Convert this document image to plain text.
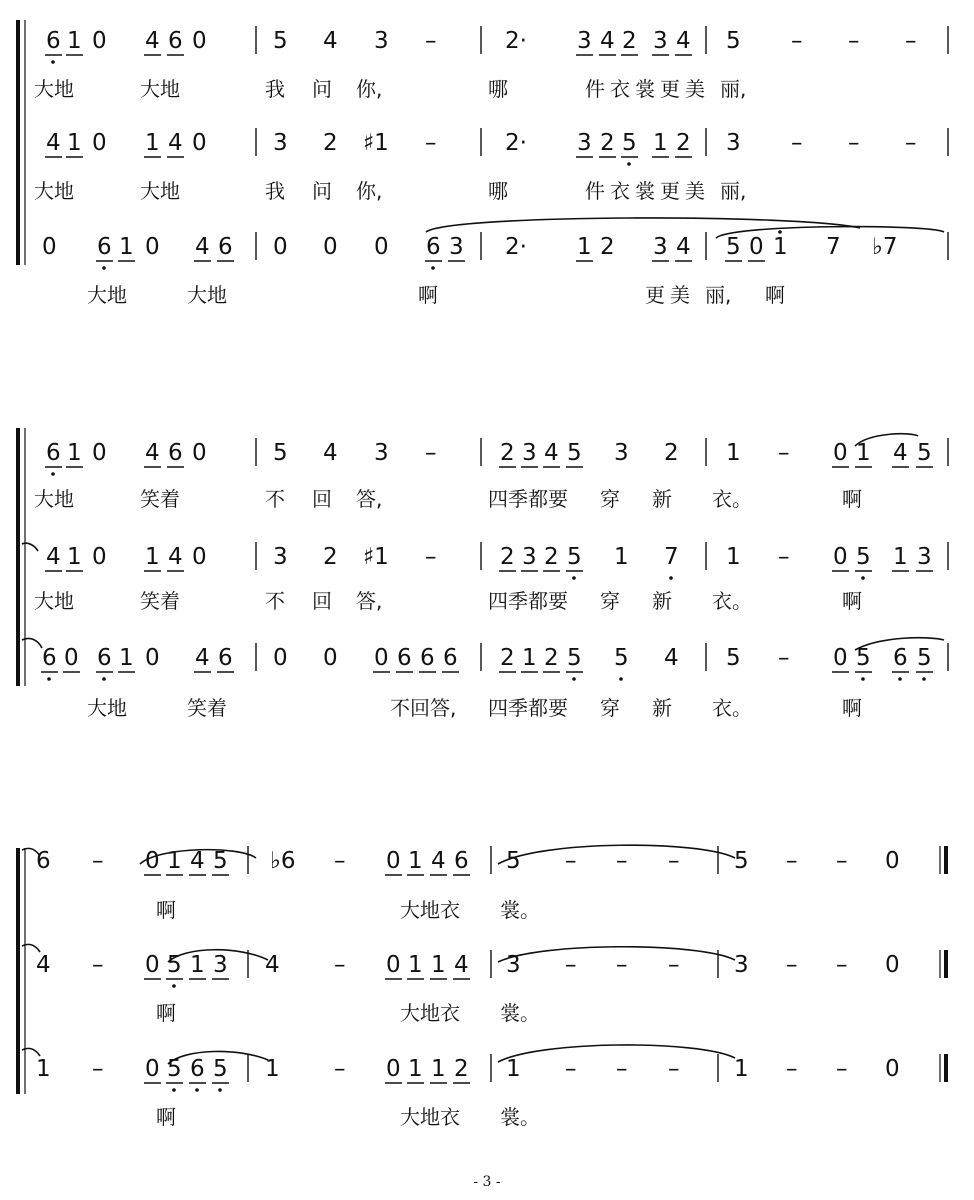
6 1 0 4 6 0	5 4 3 –	2· 3 4 2 3 4 5 – – –
大地	大地	我 问 你,	哪	件 衣 裳 更 美 丽,
4 1 0 1 4 0	3 2 ♯1 –	2· 3 2 5 1 2 3 – – –
大地	大地	我 问 你,	哪	件 衣 裳 更 美 丽,
0 6 1 0 4 6 0 0 0 6 3 2· 1 2 3 4 5 0 1 7 ♭7
大地	大地	啊	更 美 丽, 啊
6 1 0 4 6 0	5 4 3 –	2 3 4 5 3 2 1 – 0 1 4 5
大地	笑着	不 回 答,	四季都要 穿 新 衣。	啊
4 1 0 1 4 0	3 2 ♯1 –	2 3 2 5 1 7 1 – 0 5 1 3
大地	笑着	不 回 答,	四季都要 穿 新 衣。	啊
6 0 6 1 0 4 6 0 0 0 6 6 6 2 1 2 5 5 4 5 – 0 5 6 5
大地	笑着	不回答, 四季都要 穿 新 衣。	啊
6 – 0 1 4 5 ♭6 – 0 1 4 6 5 – – – 5 – – 0
啊	大地衣 裳。
4 – 0 5 1 3 4 – 0 1 1 4 3 – – – 3 – – 0
啊	大地衣 裳。
1 – 0 5 6 5 1 – 0 1 1 2 1 – – – 1 – – 0
啊	大地衣 裳。
- 3 -
